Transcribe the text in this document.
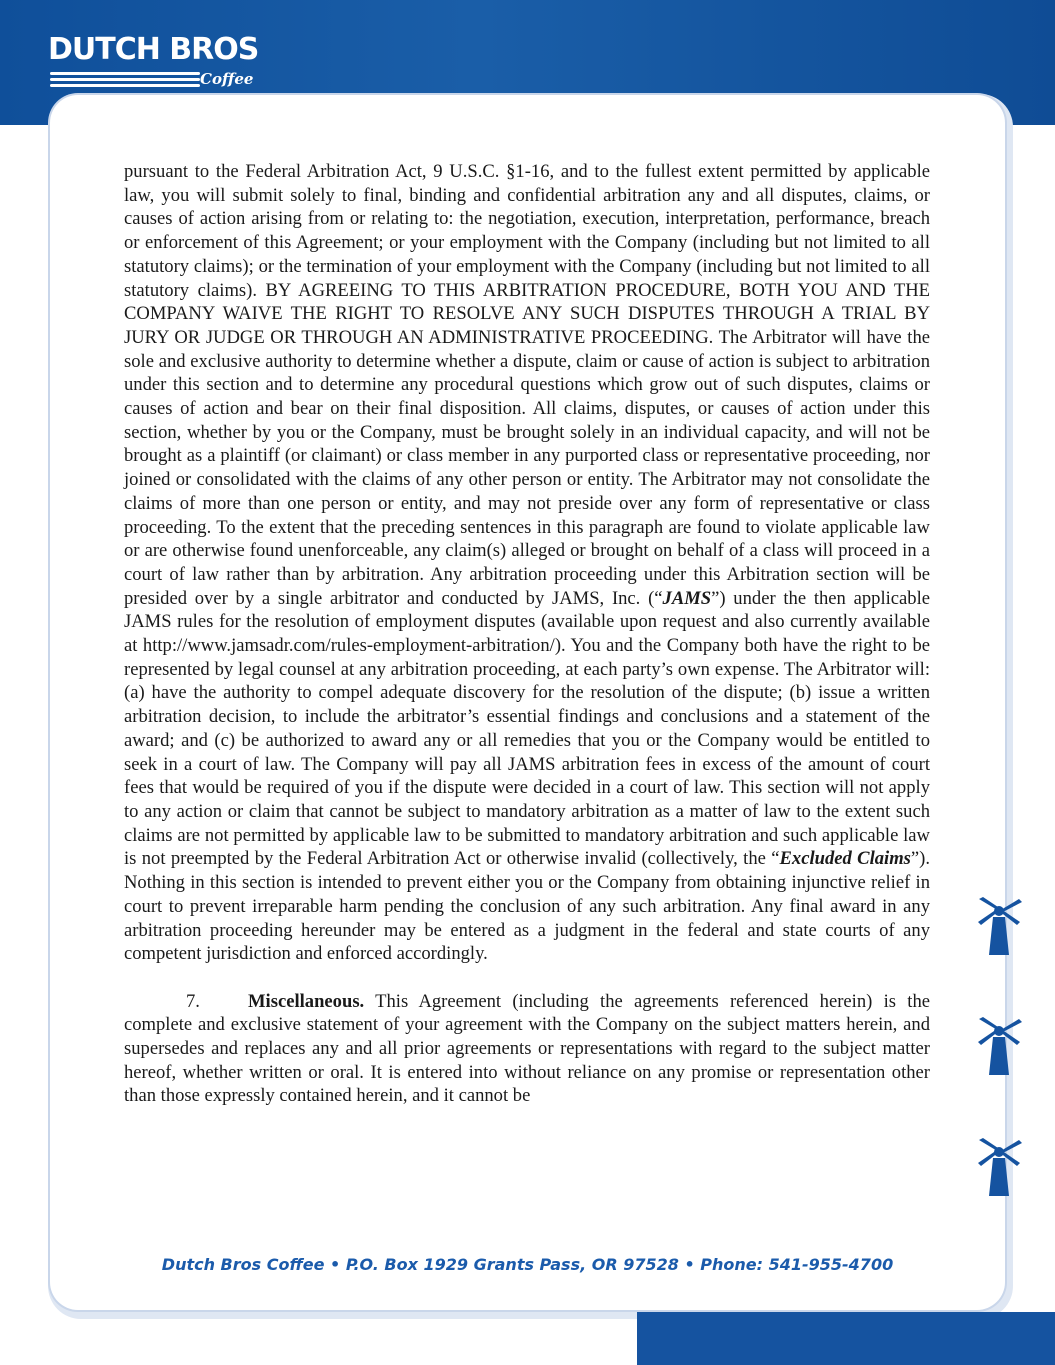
DUTCH BROS
Coffee

pursuant to the Federal Arbitration Act, 9 U.S.C. §1-16, and to the fullest extent permitted by applicable law, you will submit solely to final, binding and confidential arbitration any and all disputes, claims, or causes of action arising from or relating to: the negotiation, execution, interpretation, performance, breach or enforcement of this Agreement; or your employment with the Company (including but not limited to all statutory claims); or the termination of your employment with the Company (including but not limited to all statutory claims). BY AGREEING TO THIS ARBITRATION PROCEDURE, BOTH YOU AND THE COMPANY WAIVE THE RIGHT TO RESOLVE ANY SUCH DISPUTES THROUGH A TRIAL BY JURY OR JUDGE OR THROUGH AN ADMINISTRATIVE PROCEEDING. The Arbitrator will have the sole and exclusive authority to determine whether a dispute, claim or cause of action is subject to arbitration under this section and to determine any procedural questions which grow out of such disputes, claims or causes of action and bear on their final disposition. All claims, disputes, or causes of action under this section, whether by you or the Company, must be brought solely in an individual capacity, and will not be brought as a plaintiff (or claimant) or class member in any purported class or representative proceeding, nor joined or consolidated with the claims of any other person or entity. The Arbitrator may not consolidate the claims of more than one person or entity, and may not preside over any form of representative or class proceeding. To the extent that the preceding sentences in this paragraph are found to violate applicable law or are otherwise found unenforceable, any claim(s) alleged or brought on behalf of a class will proceed in a court of law rather than by arbitration. Any arbitration proceeding under this Arbitration section will be presided over by a single arbitrator and conducted by JAMS, Inc. (“JAMS”) under the then applicable JAMS rules for the resolution of employment disputes (available upon request and also currently available at http://www.jamsadr.com/rules-employment-arbitration/). You and the Company both have the right to be represented by legal counsel at any arbitration proceeding, at each party’s own expense. The Arbitrator will: (a) have the authority to compel adequate discovery for the resolution of the dispute; (b) issue a written arbitration decision, to include the arbitrator’s essential findings and conclusions and a statement of the award; and (c) be authorized to award any or all remedies that you or the Company would be entitled to seek in a court of law. The Company will pay all JAMS arbitration fees in excess of the amount of court fees that would be required of you if the dispute were decided in a court of law. This section will not apply to any action or claim that cannot be subject to mandatory arbitration as a matter of law to the extent such claims are not permitted by applicable law to be submitted to mandatory arbitration and such applicable law is not preempted by the Federal Arbitration Act or otherwise invalid (collectively, the “Excluded Claims”). Nothing in this section is intended to prevent either you or the Company from obtaining injunctive relief in court to prevent irreparable harm pending the conclusion of any such arbitration. Any final award in any arbitration proceeding hereunder may be entered as a judgment in the federal and state courts of any competent jurisdiction and enforced accordingly.

7.	Miscellaneous. This Agreement (including the agreements referenced herein) is the complete and exclusive statement of your agreement with the Company on the subject matters herein, and supersedes and replaces any and all prior agreements or representations with regard to the subject matter hereof, whether written or oral. It is entered into without reliance on any promise or representation other than those expressly contained herein, and it cannot be

Dutch Bros Coffee • P.O. Box 1929 Grants Pass, OR 97528 • Phone: 541-955-4700
